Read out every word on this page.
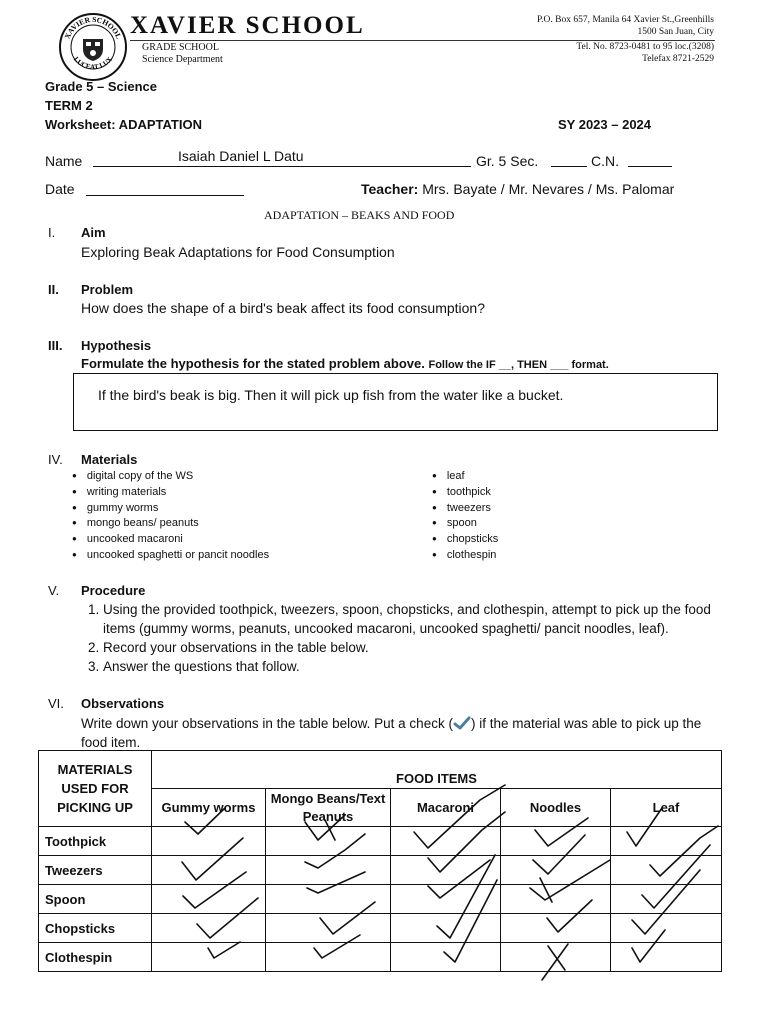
XAVIER SCHOOL
LUCEAT LUX
XAVIER SCHOOL
GRADE SCHOOL
Science Department
P.O. Box 657, Manila 64 Xavier St.,Greenhills
1500 San Juan, City
Tel. No. 8723-0481 to 95 loc.(3208)
Telefax 8721-2529
Grade 5 – Science
TERM 2
Worksheet: ADAPTATION	SY 2023 – 2024
Name	Isaiah Daniel L Datu	Gr. 5 Sec.	C.N.
Date	Teacher: Mrs. Bayate / Mr. Nevares / Ms. Palomar
ADAPTATION – BEAKS AND FOOD
I. Aim
Exploring Beak Adaptations for Food Consumption
II. Problem
How does the shape of a bird's beak affect its food consumption?
III. Hypothesis
Formulate the hypothesis for the stated problem above. Follow the IF __, THEN ___ format.
If the bird's beak is big. Then it will pick up fish from the water like a bucket.
IV. Materials
● digital copy of the WS
● writing materials
● gummy worms
● mongo beans/ peanuts
● uncooked macaroni
● uncooked spaghetti or pancit noodles
● leaf
● toothpick
● tweezers
● spoon
● chopsticks
● clothespin
V. Procedure
1. Using the provided toothpick, tweezers, spoon, chopsticks, and clothespin, attempt to pick up the food items (gummy worms, peanuts, uncooked macaroni, uncooked spaghetti/ pancit noodles, leaf).
2. Record your observations in the table below.
3. Answer the questions that follow.
VI. Observations
Write down your observations in the table below. Put a check ( ) if the material was able to pick up the food item.
MATERIALS USED FOR PICKING UP	FOOD ITEMS				
	Gummy worms	Mongo Beans/Text Peanuts	Macaroni	Noodles	Leaf
Toothpick					
Tweezers					
Spoon					
Chopsticks					
Clothespin					
